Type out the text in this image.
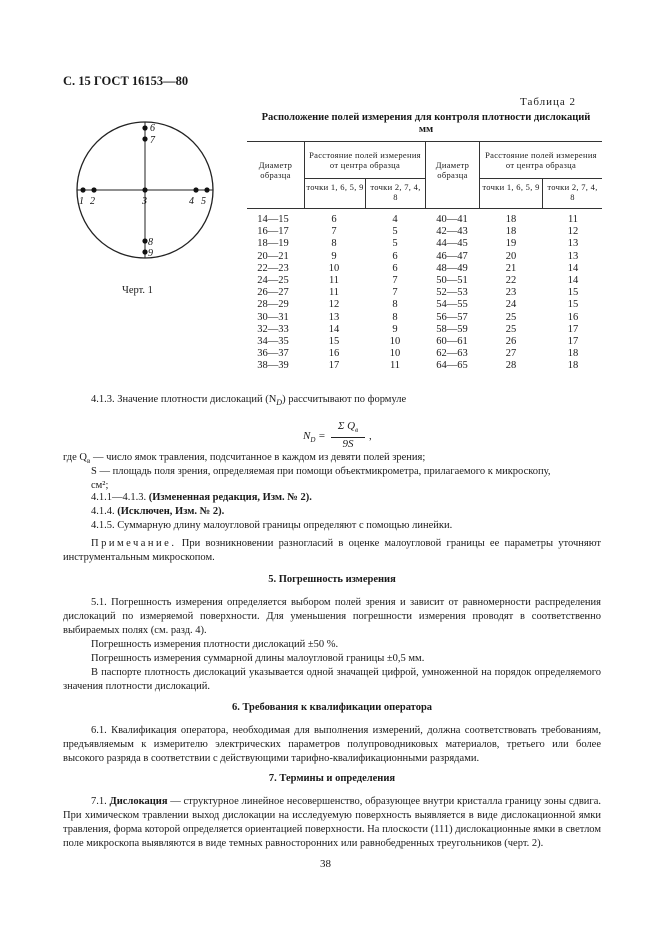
С. 15 ГОСТ 16153—80
1 2	3	4 5
6
7
8
9
Черт. 1
Таблица 2
Расположение полей измерения для контроля плотности дислокаций
мм
Диаметр образца
Расстояние полей измерения от центра образца
точки 1, 6, 5, 9 точки 2, 7, 4, 8
Диаметр образца
Расстояние полей измерения от центра образца
точки 1, 6, 5, 9 точки 2, 7, 4, 8
14—15
16—17
18—19
20—21
22—23
24—25
26—27
28—29
30—31
32—33
34—35
36—37
38—39
6
7
8
9
10
11
11
12
13
14
15
16
17
4
5
5
6
6
7
7
8
8
9
10
10
11
40—41
42—43
44—45
46—47
48—49
50—51
52—53
54—55
56—57
58—59
60—61
62—63
64—65
18
18
19
20
21
22
23
24
25
25
26
27
28
11
12
13
13
14
14
15
15
16
17
17
18
18
4.1.3. Значение плотности дислокаций $(N_D)$ рассчитывают по формуле
$N_D$ =
Σ $Q_в$
9S
,
где $Q_в$ — число ямок травления, подсчитанное в каждом из девяти полей зрения;
S — площадь поля зрения, определяемая при помощи объектмикрометра, прилагаемого к микроскопу,
см²;
4.1.1—4.1.3. (Измененная редакция, Изм. № 2).
4.1.4. (Исключен, Изм. № 2).
4.1.5. Суммарную длину малоугловой границы определяют с помощью линейки.
Примечание. При возникновении разногласий в оценке малоугловой границы ее параметры уточняют инструментальным микроскопом.
5. Погрешность измерения
5.1. Погрешность измерения определяется выбором полей зрения и зависит от равномерности распределения дислокаций по измеряемой поверхности. Для уменьшения погрешности измерения проводят в соответственно выбираемых полях (см. разд. 4).
Погрешность измерения плотности дислокаций ±50 %.
Погрешность измерения суммарной длины малоугловой границы ±0,5 мм.
В паспорте плотность дислокаций указывается одной значащей цифрой, умноженной на порядок определяемого значения плотности дислокаций.
6. Требования к квалификации оператора
6.1. Квалификация оператора, необходимая для выполнения измерений, должна соответствовать требованиям, предъявляемым к измерителю электрических параметров полупроводниковых материалов, третьего или более высокого разряда в соответствии с действующими тарифно-квалификационными разрядами.
7. Термины и определения
7.1. Дислокация — структурное линейное несовершенство, образующее внутри кристалла границу зоны сдвига. При химическом травлении выход дислокации на исследуемую поверхность выявляется в виде дислокационной ямки травления, форма которой определяется ориентацией поверхности. На плоскости (111) дислокационные ямки в светлом поле микроскопа выявляются в виде темных равносторонних или равнобедренных треугольников (черт. 2).
38
